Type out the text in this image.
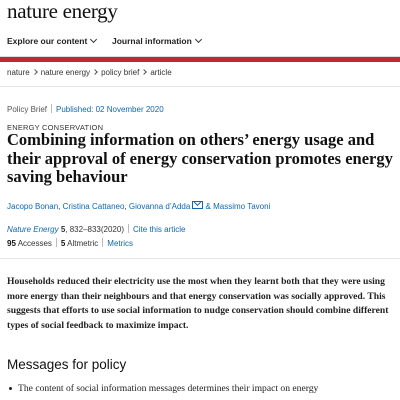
nature energy
Explore our content	Journal information
nature nature energy policy brief article
Policy Brief Published: 02 November 2020
ENERGY CONSERVATION
Combining information on others’ energy usage and their approval of energy conservation promotes energy saving behaviour
Jacopo Bonan, Cristina Cattaneo, Giovanna d’Adda & Massimo Tavoni
Nature Energy 5, 832–833(2020) Cite this article
95 Accesses 5 Altmetric Metrics

Households reduced their electricity use the most when they learnt both that they were using more energy than their neighbours and that energy conservation was socially approved. This suggests that efforts to use social information to nudge conservation should combine different types of social feedback to maximize impact.

Messages for policy
The content of social information messages determines their impact on energy
